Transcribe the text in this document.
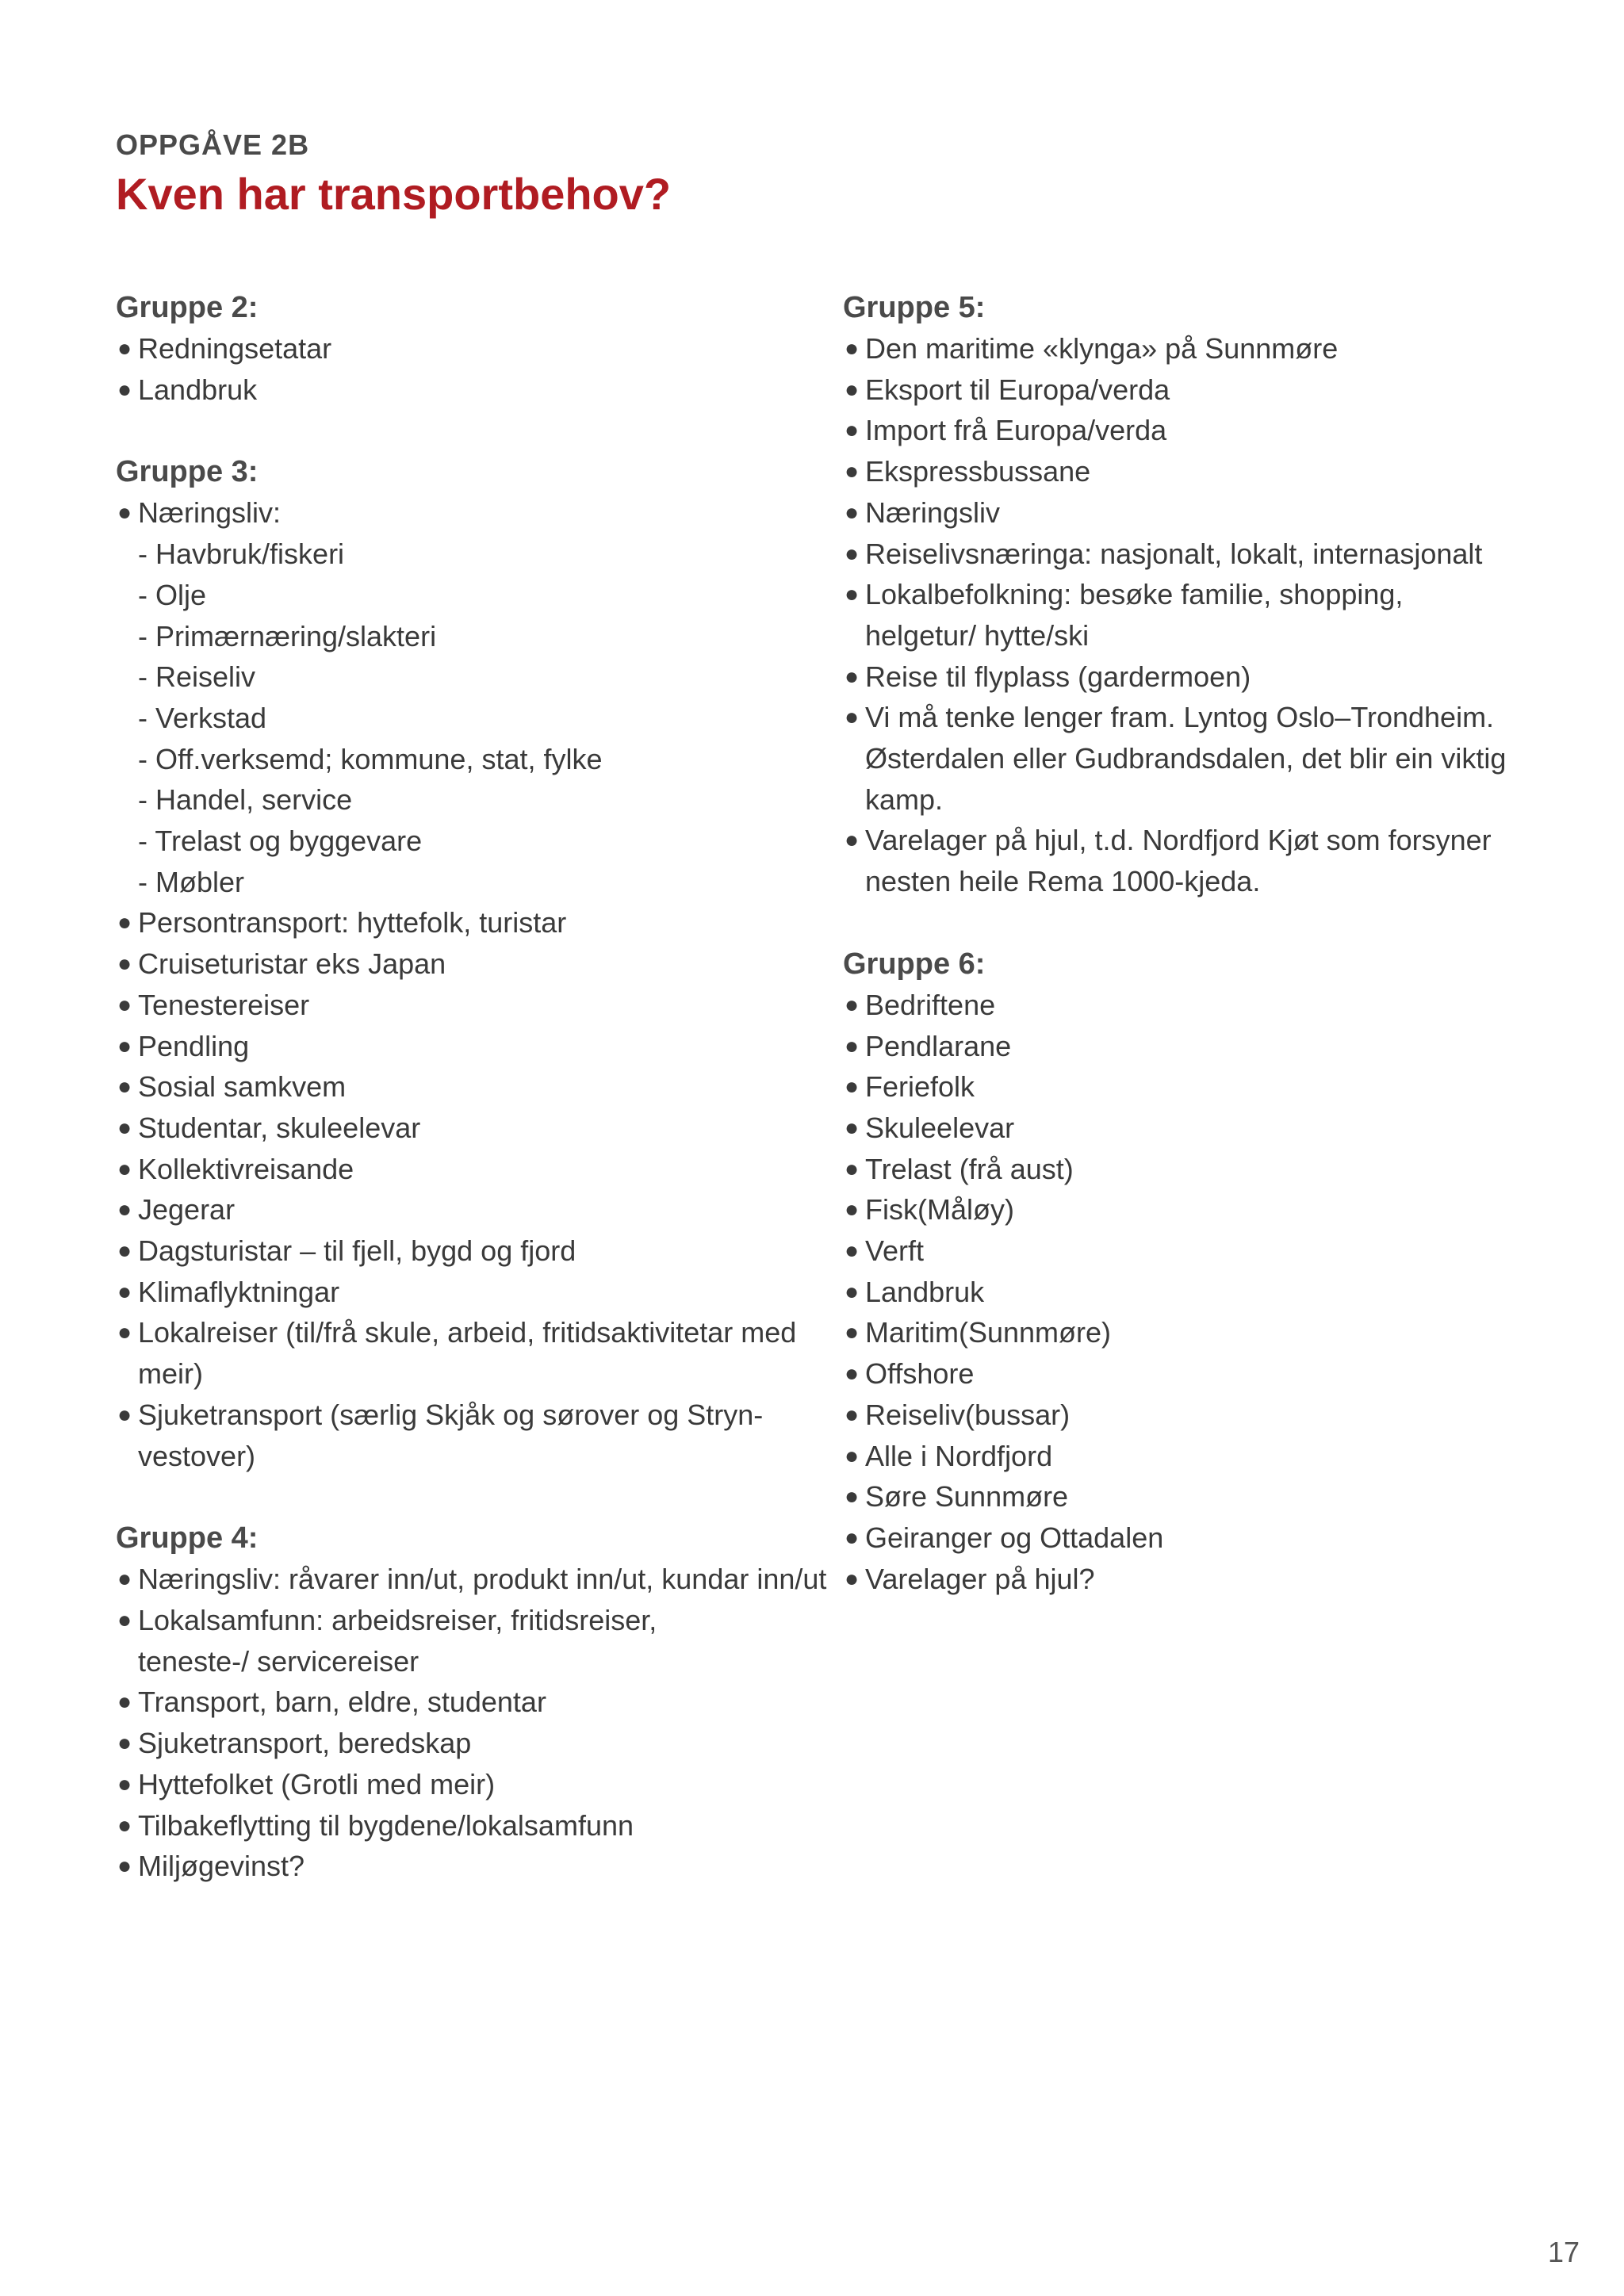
OPPGÅVE 2B
Kven har transportbehov?
Gruppe 2:
● Redningsetatar
● Landbruk
Gruppe 3:
● Næringsliv:
- Havbruk/fiskeri
- Olje
- Primærnæring/slakteri
- Reiseliv
- Verkstad
- Off.verksemd; kommune, stat, fylke
- Handel, service
- Trelast og byggevare
- Møbler
● Persontransport: hyttefolk, turistar
● Cruiseturistar eks Japan
● Tenestereiser
● Pendling
● Sosial samkvem
● Studentar, skuleelevar
● Kollektivreisande
● Jegerar
● Dagsturistar – til fjell, bygd og fjord
● Klimaflyktningar
● Lokalreiser (til/frå skule, arbeid, fritidsaktivitetar med meir)
● Sjuketransport (særlig Skjåk og sørover og Stryn-vestover)
Gruppe 4:
● Næringsliv: råvarer inn/ut, produkt inn/ut, kundar inn/ut
● Lokalsamfunn: arbeidsreiser, fritidsreiser, teneste-/ servicereiser
● Transport, barn, eldre, studentar
● Sjuketransport, beredskap
● Hyttefolket (Grotli med meir)
● Tilbakeflytting til bygdene/lokalsamfunn
● Miljøgevinst?
Gruppe 5:
● Den maritime «klynga» på Sunnmøre
● Eksport til Europa/verda
● Import frå Europa/verda
● Ekspressbussane
● Næringsliv
● Reiselivsnæringa: nasjonalt, lokalt, internasjonalt
● Lokalbefolkning: besøke familie, shopping, helgetur/ hytte/ski
● Reise til flyplass (gardermoen)
● Vi må tenke lenger fram. Lyntog Oslo–Trondheim. Østerdalen eller Gudbrandsdalen, det blir ein viktig kamp.
● Varelager på hjul, t.d. Nordfjord Kjøt som forsyner nesten heile Rema 1000-kjeda.
Gruppe 6:
● Bedriftene
● Pendlarane
● Feriefolk
● Skuleelevar
● Trelast (frå aust)
● Fisk(Måløy)
● Verft
● Landbruk
● Maritim(Sunnmøre)
● Offshore
● Reiseliv(bussar)
● Alle i Nordfjord
● Søre Sunnmøre
● Geiranger og Ottadalen
● Varelager på hjul?
17
